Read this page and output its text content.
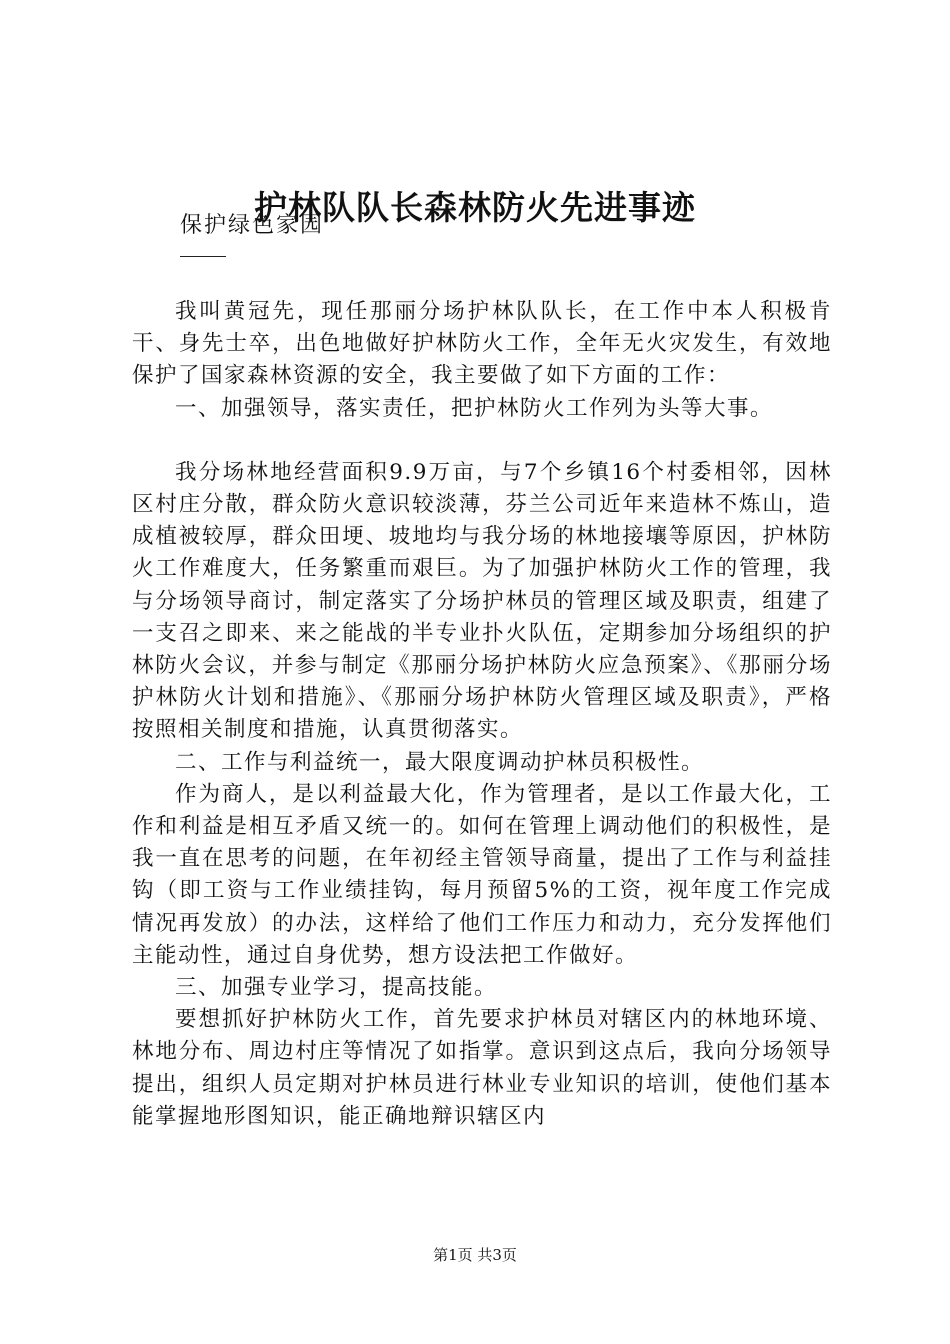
护林队队长森林防火先进事迹
保护绿色家园

我叫黄冠先，现任那丽分场护林队队长，在工作中本人积极肯干、身先士卒，出色地做好护林防火工作，全年无火灾发生，有效地保护了国家森林资源的安全，我主要做了如下方面的工作：

一、加强领导，落实责任，把护林防火工作列为头等大事。

我分场林地经营面积9.9万亩，与7个乡镇16个村委相邻，因林区村庄分散，群众防火意识较淡薄，芬兰公司近年来造林不炼山，造成植被较厚，群众田埂、坡地均与我分场的林地接壤等原因，护林防火工作难度大，任务繁重而艰巨。为了加强护林防火工作的管理，我与分场领导商讨，制定落实了分场护林员的管理区域及职责，组建了一支召之即来、来之能战的半专业扑火队伍，定期参加分场组织的护林防火会议，并参与制定《那丽分场护林防火应急预案》、《那丽分场护林防火计划和措施》、《那丽分场护林防火管理区域及职责》，严格按照相关制度和措施，认真贯彻落实。

二、工作与利益统一，最大限度调动护林员积极性。

作为商人，是以利益最大化，作为管理者，是以工作最大化，工作和利益是相互矛盾又统一的。如何在管理上调动他们的积极性，是我一直在思考的问题，在年初经主管领导商量，提出了工作与利益挂钩（即工资与工作业绩挂钩，每月预留5%的工资，视年度工作完成情况再发放）的办法，这样给了他们工作压力和动力，充分发挥他们主能动性，通过自身优势，想方设法把工作做好。

三、加强专业学习，提高技能。

要想抓好护林防火工作，首先要求护林员对辖区内的林地环境、林地分布、周边村庄等情况了如指掌。意识到这点后，我向分场领导提出，组织人员定期对护林员进行林业专业知识的培训，使他们基本能掌握地形图知识，能正确地辩识辖区内

第1页 共3页
